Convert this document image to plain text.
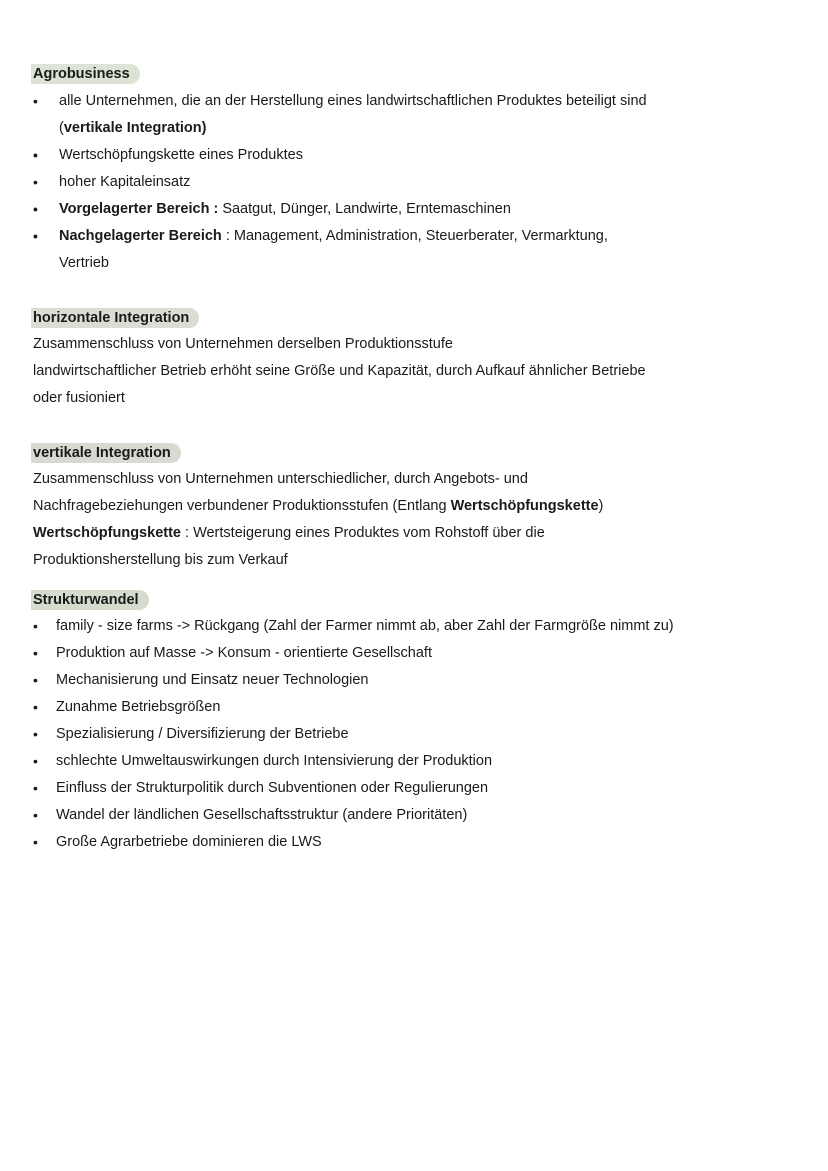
Agrobusiness
• alle Unternehmen, die an der Herstellung eines landwirtschaftlichen Produktes beteiligt sind
(vertikale Integration)
• Wertschöpfungskette eines Produktes
• hoher Kapitaleinsatz
• Vorgelagerter Bereich : Saatgut, Dünger, Landwirte, Erntemaschinen
• Nachgelagerter Bereich : Management, Administration, Steuerberater, Vermarktung,
Vertrieb
horizontale Integration

Zusammenschluss von Unternehmen derselben Produktionsstufe

landwirtschaftlicher Betrieb erhöht seine Größe und Kapazität, durch Aufkauf ähnlicher Betriebe

oder fusioniert

vertikale Integration

Zusammenschluss von Unternehmen unterschiedlicher, durch Angebots- und

Nachfragebeziehungen verbundener Produktionsstufen (Entlang Wertschöpfungskette)

Wertschöpfungskette : Wertsteigerung eines Produktes vom Rohstoff über die

Produktionsherstellung bis zum Verkauf

Strukturwandel
• family - size farms -> Rückgang (Zahl der Farmer nimmt ab, aber Zahl der Farmgröße nimmt zu)
• Produktion auf Masse -> Konsum - orientierte Gesellschaft
• Mechanisierung und Einsatz neuer Technologien
• Zunahme Betriebsgrößen
• Spezialisierung / Diversifizierung der Betriebe
• schlechte Umweltauswirkungen durch Intensivierung der Produktion
• Einfluss der Strukturpolitik durch Subventionen oder Regulierungen
• Wandel der ländlichen Gesellschaftsstruktur (andere Prioritäten)
• Große Agrarbetriebe dominieren die LWS
